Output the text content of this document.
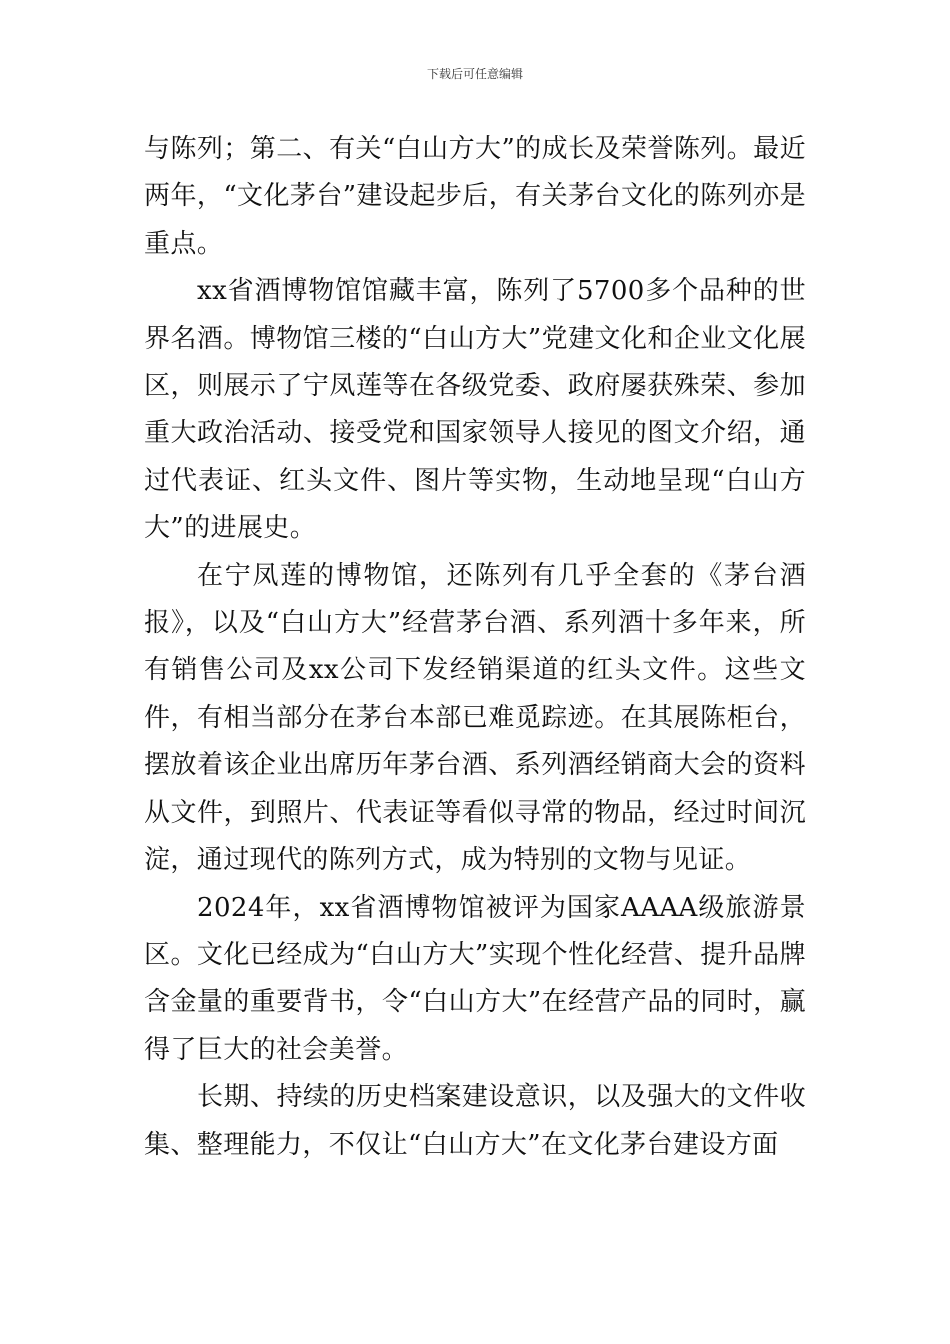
下载后可任意编辑

与陈列；第二、有关“白山方大”的成长及荣誉陈列。最近两年，“文化茅台”建设起步后，有关茅台文化的陈列亦是重点。

xx省酒博物馆馆藏丰富，陈列了5700多个品种的世界名酒。博物馆三楼的“白山方大”党建文化和企业文化展区，则展示了宁凤莲等在各级党委、政府屡获殊荣、参加重大政治活动、接受党和国家领导人接见的图文介绍，通过代表证、红头文件、图片等实物，生动地呈现“白山方大”的进展史。

在宁凤莲的博物馆，还陈列有几乎全套的《茅台酒报》，以及“白山方大”经营茅台酒、系列酒十多年来，所有销售公司及xx公司下发经销渠道的红头文件。这些文件，有相当部分在茅台本部已难觅踪迹。在其展陈柜台，摆放着该企业出席历年茅台酒、系列酒经销商大会的资料从文件，到照片、代表证等看似寻常的物品，经过时间沉淀，通过现代的陈列方式，成为特别的文物与见证。

2024年，xx省酒博物馆被评为国家AAAA级旅游景区。文化已经成为“白山方大”实现个性化经营、提升品牌含金量的重要背书，令“白山方大”在经营产品的同时，赢得了巨大的社会美誉。

长期、持续的历史档案建设意识，以及强大的文件收集、整理能力，不仅让“白山方大”在文化茅台建设方面
